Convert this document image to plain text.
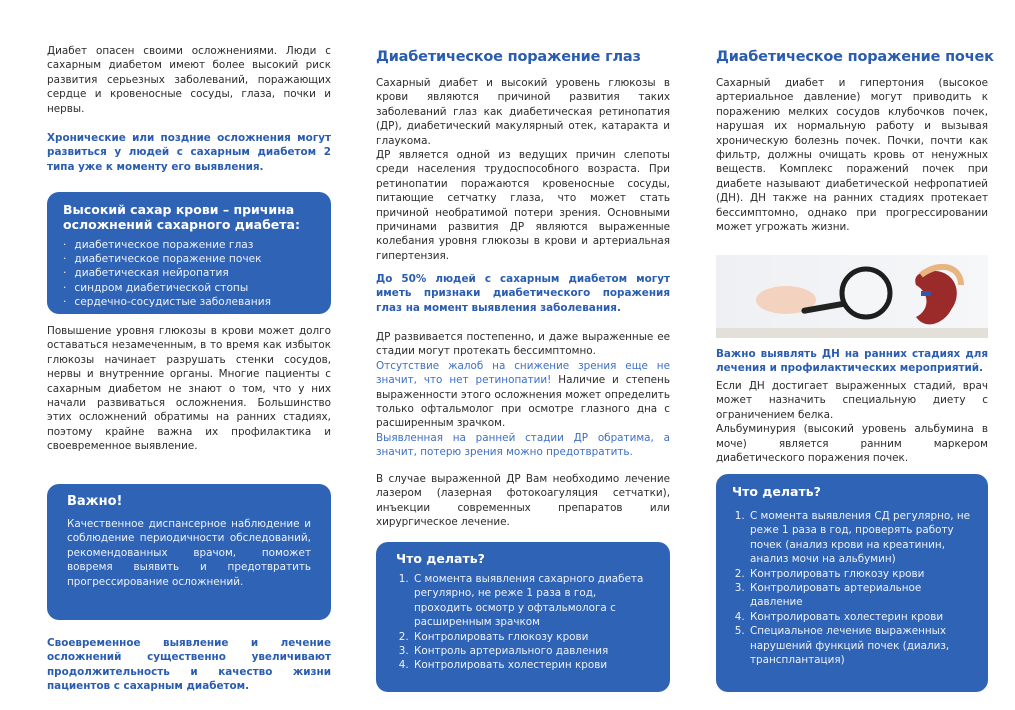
Диабет опасен своими осложнениями. Люди с сахарным диабетом имеют более высокий риск развития серьезных заболеваний, поражающих сердце и кровеносные сосуды, глаза, почки и нервы.

Хронические или поздние осложнения могут развиться у людей с сахарным диабетом 2 типа уже к моменту его выявления.

Высокий сахар крови – причина осложнений сахарного диабета:
· диабетическое поражение глаз
· диабетическое поражение почек
· диабетическая нейропатия
· синдром диабетической стопы
· сердечно-сосудистые заболевания

Повышение уровня глюкозы в крови может долго оставаться незамеченным, в то время как избыток глюкозы начинает разрушать стенки сосудов, нервы и внутренние органы. Многие пациенты с сахарным диабетом не знают о том, что у них начали развиваться осложнения. Большинство этих осложнений обратимы на ранних стадиях, поэтому крайне важна их профилактика и своевременное выявление.

Важно!

Качественное диспансерное наблюдение и соблюдение периодичности обследований, рекомендованных врачом, поможет вовремя выявить и предотвратить прогрессирование осложнений.

Своевременное выявление и лечение осложнений существенно увеличивают продолжительность и качество жизни пациентов с сахарным диабетом.

Диабетическое поражение глаз

Сахарный диабет и высокий уровень глюкозы в крови являются причиной развития таких заболеваний глаз как диабетическая ретинопатия (ДР), диабетический макулярный отек, катаракта и глаукома.

ДР является одной из ведущих причин слепоты среди населения трудоспособного возраста. При ретинопатии поражаются кровеносные сосуды, питающие сетчатку глаза, что может стать причиной необратимой потери зрения. Основными причинами развития ДР являются выраженные колебания уровня глюкозы в крови и артериальная гипертензия.

До 50% людей с сахарным диабетом могут иметь признаки диабетического поражения глаз на момент выявления заболевания.

ДР развивается постепенно, и даже выраженные ее стадии могут протекать бессимптомно.

Отсутствие жалоб на снижение зрения еще не значит, что нет ретинопатии! Наличие и степень выраженности этого осложнения может определить только офтальмолог при осмотре глазного дна с расширенным зрачком.

Выявленная на ранней стадии ДР обратима, а значит, потерю зрения можно предотвратить.

В случае выраженной ДР Вам необходимо лечение лазером (лазерная фотокоагуляция сетчатки), инъекции современных препаратов или хирургическое лечение.

Что делать?
1. С момента выявления сахарного диабета регулярно, не реже 1 раза в год, проходить осмотр у офтальмолога с расширенным зрачком
2. Контролировать глюкозу крови
3. Контроль артериального давления
4. Контролировать холестерин крови
Диабетическое поражение почек

Сахарный диабет и гипертония (высокое артериальное давление) могут приводить к поражению мелких сосудов клубочков почек, нарушая их нормальную работу и вызывая хроническую болезнь почек. Почки, почти как фильтр, должны очищать кровь от ненужных веществ. Комплекс поражений почек при диабете называют диабетической нефропатией (ДН). ДН также на ранних стадиях протекает бессимптомно, однако при прогрессировании может угрожать жизни.

Важно выявлять ДН на ранних стадиях для лечения и профилактических мероприятий.

Если ДН достигает выраженных стадий, врач может назначить специальную диету с ограничением белка.

Альбуминурия (высокий уровень альбумина в моче) является ранним маркером диабетического поражения почек.

Что делать?
1. С момента выявления СД регулярно, не реже 1 раза в год, проверять работу почек (анализ крови на креатинин, анализ мочи на альбумин)
2. Контролировать глюкозу крови
3. Контролировать артериальное давление
4. Контролировать холестерин крови
5. Специальное лечение выраженных нарушений функций почек (диализ, трансплантация)
